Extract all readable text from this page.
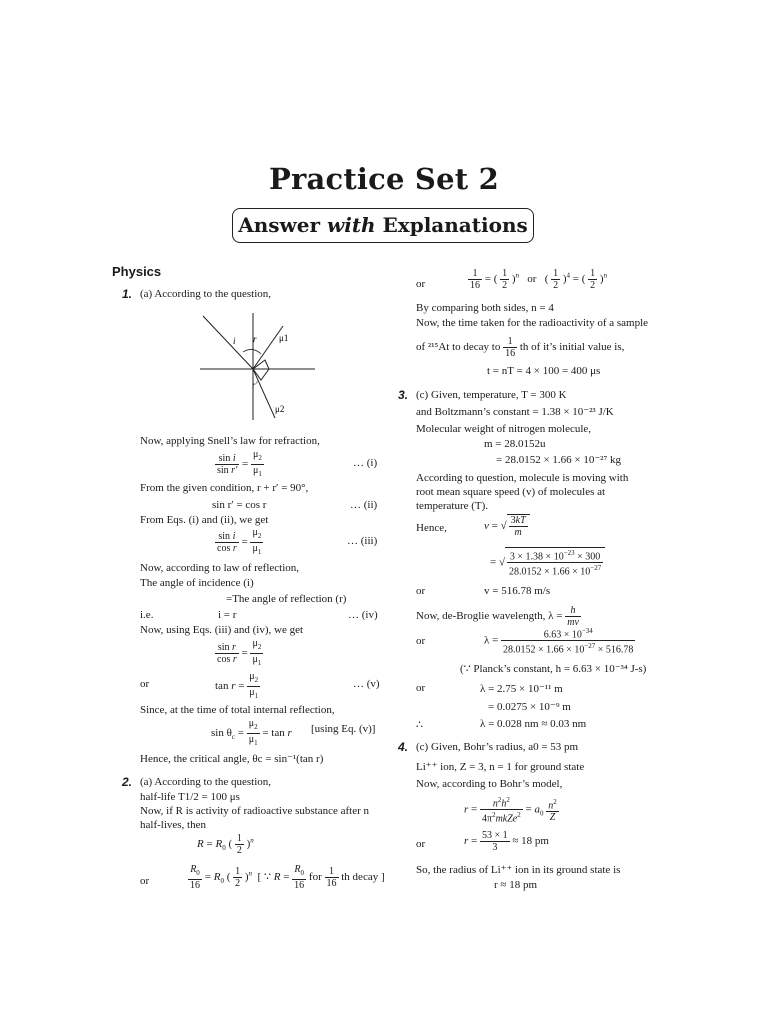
Practice Set 2
Answer with Explanations
Physics
1. (a) According to the question,
i r μ1
r′
μ2
Now, applying Snell’s law for refraction,
$\frac{\text{sin i}}{\text{sin r′}} = \frac{\mu_2}{\mu_1}$	… (i)
From the given condition, r + r′ = 90°,
sin r′ = cos r	… (ii)
From Eqs. (i) and (ii), we get
$\frac{\text{sin i}}{\text{cos r}} = \frac{\mu_2}{\mu_1}$	… (iii)
Now, according to law of reflection,
The angle of incidence (i)
=The angle of reflection (r)
i.e.	i = r	… (iv)
Now, using Eqs. (iii) and (iv), we get
$\frac{\text{sin r}}{\text{cos r}} = \frac{\mu_2}{\mu_1}$
or	$\tan r = \frac{\mu_2}{\mu_1}$	… (v)
Since, at the time of total internal reflection,
$\sin \theta_c = \frac{\mu_2}{\mu_1} = \tan r$ [using Eq. (v)]
Hence, the critical angle, θc = sin⁻¹(tan r)
2. (a) According to the question,
half-life T1/2 = 100 μs
Now, if R is activity of radioactive substance after n
half-lives, then
$R = R_0$ ( $\frac{1}{2} )^n$
or	$\frac{R_0}{16} = R_0$ ( $\frac{1}{2} )^n$  [ ∵ $R = \frac{R_0}{16}$ for $\frac{1}{16}$ th decay ]
or	$\frac{1}{16}$ = ( $\frac{1}{2} )^n$   or   ( $\frac{1}{2} )^4$ = ( $\frac{1}{2} )^n$
By comparing both sides, n = 4
Now, the time taken for the radioactivity of a sample
of ²¹⁵At to decay to $\frac{1}{16}$ th of it’s initial value is,
t = nT = 4 × 100 = 400 μs
3. (c) Given, temperature, T = 300 K
and Boltzmann’s constant = 1.38 × 10⁻²³ J/K
Molecular weight of nitrogen molecule,
m = 28.0152u
= 28.0152 × 1.66 × 10⁻²⁷ kg
According to question, molecule is moving with
root mean square speed (v) of molecules at
temperature (T).
Hence,	v = √ $\frac{3kT}{m}$
= √ $\frac{3 \times 1.38 \times 10^{-23} \times 300}{28.0152 \times 1.66 \times 10^{-27}}$
or	v = 516.78 m/s
Now, de-Broglie wavelength, $\lambda = \frac{h}{mv}$
or	$\lambda = \frac{6.63 \times 10^{-34}}{28.0152 \times 1.66 \times 10^{-27} \times 516.78}$
(∵ Planck’s constant, h = 6.63 × 10⁻³⁴ J-s)
or	λ = 2.75 × 10⁻¹¹ m
= 0.0275 × 10⁻⁹ m
∴	λ = 0.028 nm ≈ 0.03 nm
4. (c) Given, Bohr’s radius, a0 = 53 pm
Li⁺⁺ ion, Z = 3, n = 1 for ground state
Now, according to Bohr’s model,
$r = \frac{n^2h^2}{4\pi^2mkZe^2} = a_0 \frac{n^2}{Z}$
or	$r = \frac{53 \times 1}{3} \approx 18$ pm
So, the radius of Li⁺⁺ ion in its ground state is
r ≈ 18 pm
